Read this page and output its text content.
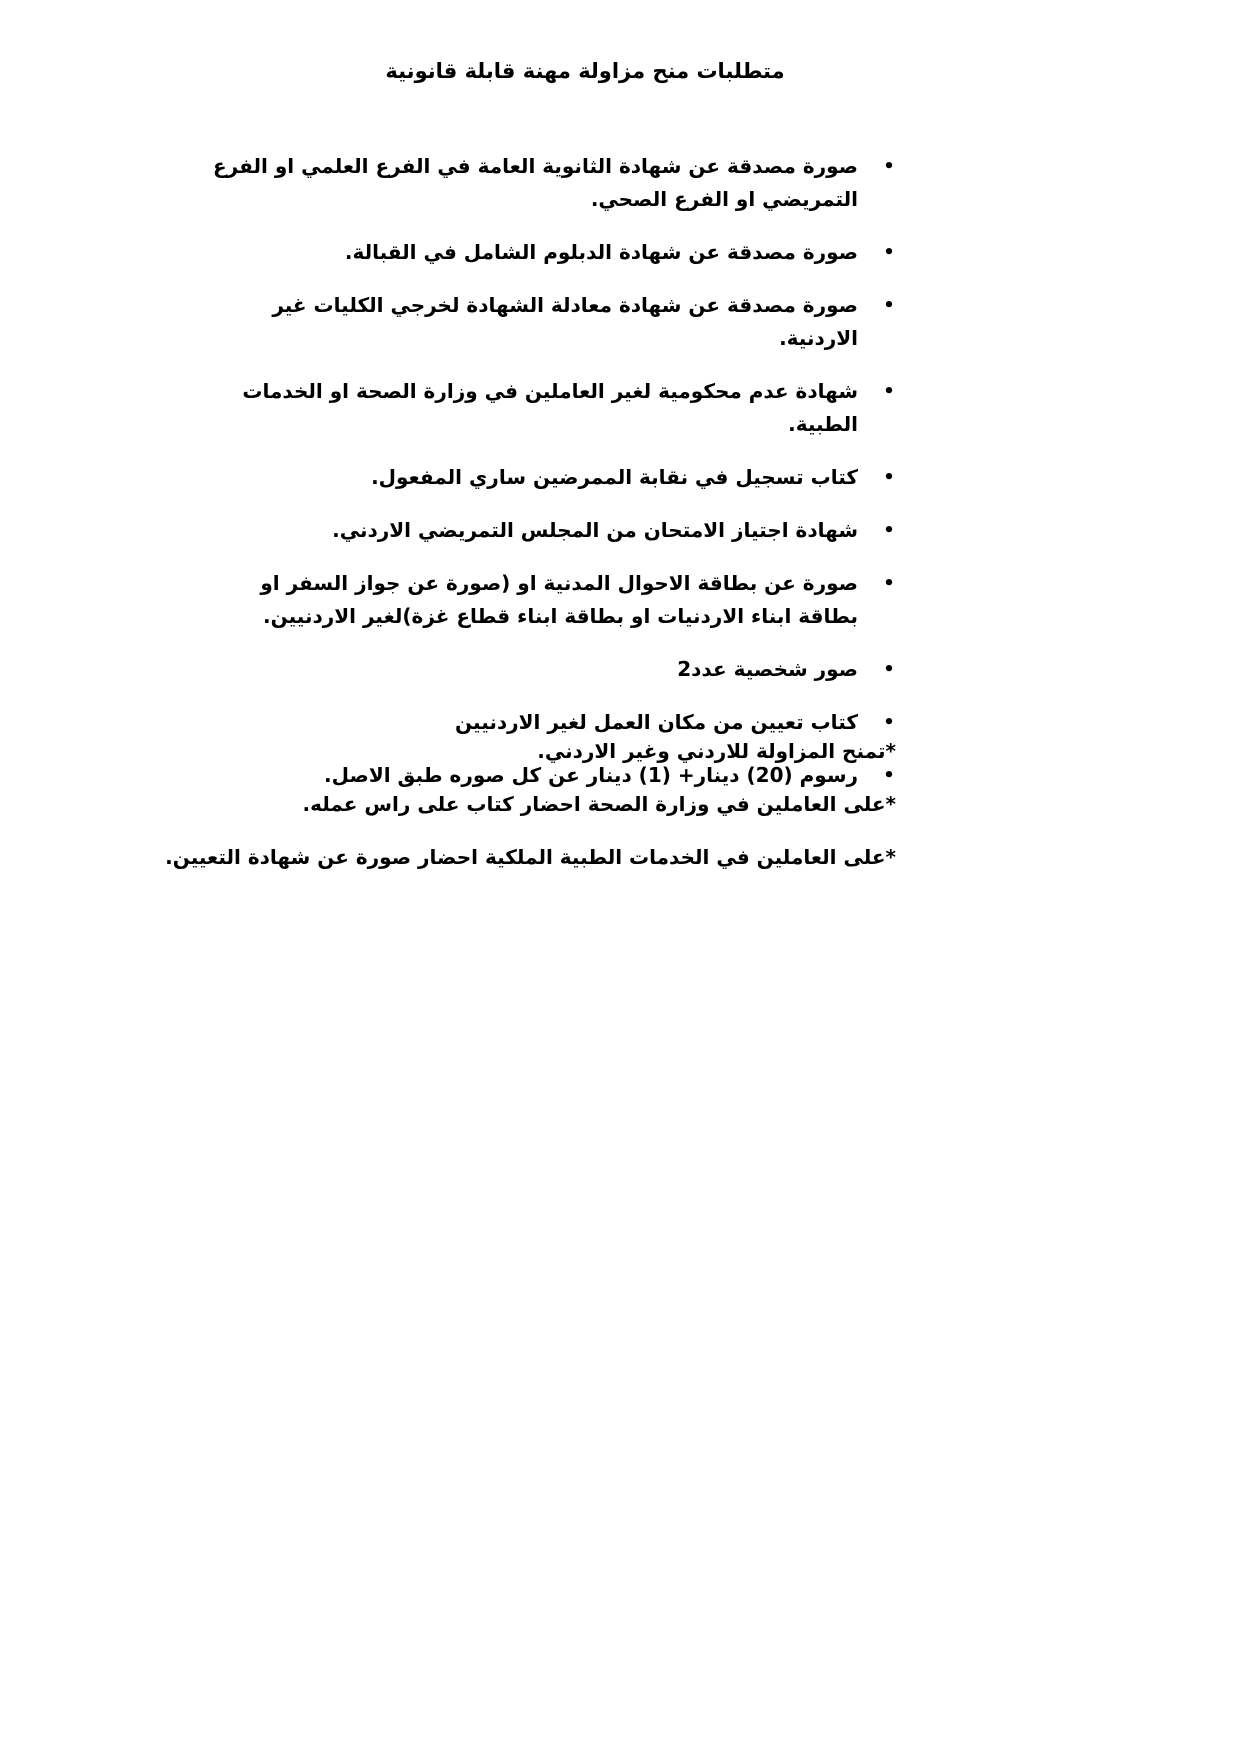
متطلبات منح مزاولة مهنة قابلة قانونية
•
صورة مصدقة عن شهادة الثانوية العامة في الفرع العلمي او الفرع التمريضي او الفرع الصحي.
•
صورة مصدقة عن شهادة الدبلوم الشامل في القبالة.
•
صورة مصدقة عن شهادة معادلة الشهادة لخرجي الكليات غير الاردنية.
•
شهادة عدم محكومية لغير العاملين في وزارة الصحة او الخدمات الطبية.
•
كتاب تسجيل في نقابة الممرضين ساري المفعول.
•
شهادة اجتياز الامتحان من المجلس التمريضي الاردني.
•
صورة عن بطاقة الاحوال المدنية او (صورة عن جواز السفر او بطاقة ابناء الاردنيات او بطاقة ابناء قطاع غزة)لغير الاردنيين.
•
صور شخصية عدد2
•
كتاب تعيين من مكان العمل لغير الاردنيين
•
رسوم (20) دينار+ (1) دينار عن كل صوره طبق الاصل.
*تمنح المزاولة للاردني وغير الاردني.
*على العاملين في وزارة الصحة احضار كتاب على راس عمله.
*على العاملين في الخدمات الطبية الملكية احضار صورة عن شهادة التعيين.
